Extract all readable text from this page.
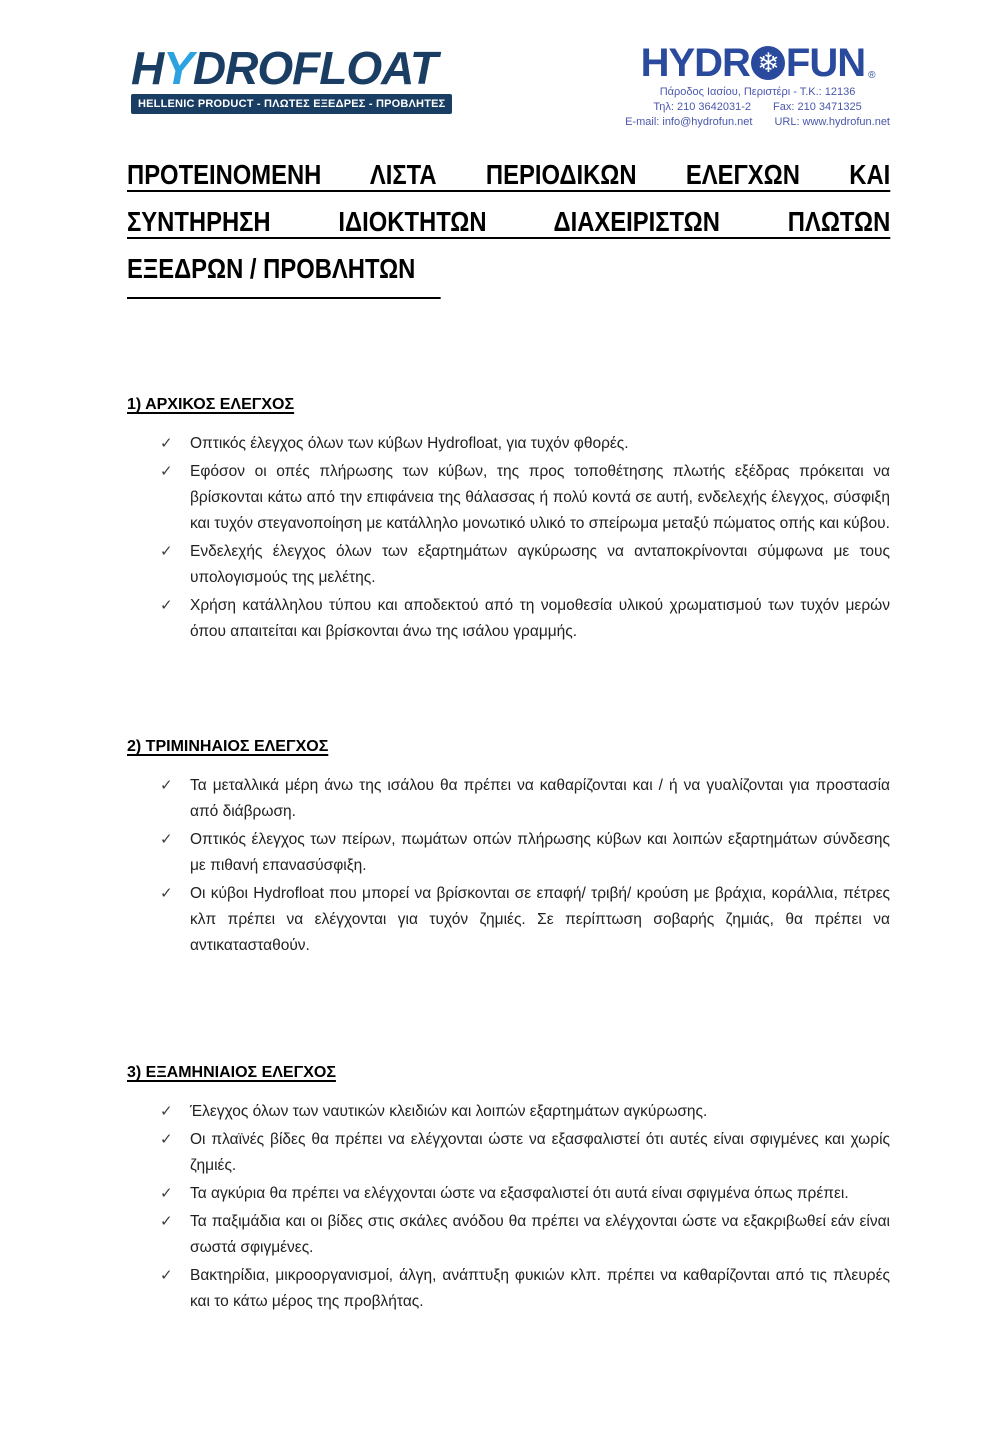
HYDROFLOAT
HELLENIC PRODUCT - ΠΛΩΤΕΣ ΕΞΕΔΡΕΣ - ΠΡΟΒΛΗΤΕΣ
HYDR ❄ FUN ®
Πάροδος Ιασίου, Περιστέρι - Τ.Κ.: 12136
Τηλ: 210 3642031-2 Fax: 210 3471325
E-mail: info@hydrofun.net URL: www.hydrofun.net
ΠΡΟΤΕΙΝΟΜΕΝΗ ΛΙΣΤΑ ΠΕΡΙΟΔΙΚΩΝ ΕΛΕΓΧΩΝ ΚΑΙ
ΣΥΝΤΗΡΗΣΗ ΙΔΙΟΚΤΗΤΩΝ ΔΙΑΧΕΙΡΙΣΤΩΝ ΠΛΩΤΩΝ
ΕΞΕΔΡΩΝ / ΠΡΟΒΛΗΤΩΝ
1) ΑΡΧΙΚΟΣ ΕΛΕΓΧΟΣ
✓	Οπτικός έλεγχος όλων των κύβων Hydrofloat, για τυχόν φθορές.
✓	Εφόσον οι οπές πλήρωσης των κύβων, της προς τοποθέτησης πλωτής εξέδρας πρόκειται να βρίσκονται κάτω από την επιφάνεια της θάλασσας ή πολύ κοντά σε αυτή, ενδελεχής έλεγχος, σύσφιξη και τυχόν στεγανοποίηση με κατάλληλο μονωτικό υλικό το σπείρωμα μεταξύ πώματος οπής και κύβου.
✓	Ενδελεχής έλεγχος όλων των εξαρτημάτων αγκύρωσης να ανταποκρίνονται σύμφωνα με τους υπολογισμούς της μελέτης.
✓	Χρήση κατάλληλου τύπου και αποδεκτού από τη νομοθεσία υλικού χρωματισμού των τυχόν μερών όπου απαιτείται και βρίσκονται άνω της ισάλου γραμμής.
2) ΤΡΙΜΙΝΗΑΙΟΣ ΕΛΕΓΧΟΣ
✓	Τα μεταλλικά μέρη άνω της ισάλου θα πρέπει να καθαρίζονται και / ή να γυαλίζονται για προστασία από διάβρωση.
✓	Οπτικός έλεγχος των πείρων, πωμάτων οπών πλήρωσης κύβων και λοιπών εξαρτημάτων σύνδεσης με πιθανή επανασύσφιξη.
✓	Οι κύβοι Hydrofloat που μπορεί να βρίσκονται σε επαφή/ τριβή/ κρούση με βράχια, κοράλλια, πέτρες κλπ πρέπει να ελέγχονται για τυχόν ζημιές. Σε περίπτωση σοβαρής ζημιάς, θα πρέπει να αντικατασταθούν.
3) ΕΞΑΜΗΝΙΑΙΟΣ ΕΛΕΓΧΟΣ
✓	Έλεγχος όλων των ναυτικών κλειδιών και λοιπών εξαρτημάτων αγκύρωσης.
✓	Οι πλαϊνές βίδες θα πρέπει να ελέγχονται ώστε να εξασφαλιστεί ότι αυτές είναι σφιγμένες και χωρίς ζημιές.
✓	Τα αγκύρια θα πρέπει να ελέγχονται ώστε να εξασφαλιστεί ότι αυτά είναι σφιγμένα όπως πρέπει.
✓	Τα παξιμάδια και οι βίδες στις σκάλες ανόδου θα πρέπει να ελέγχονται ώστε να εξακριβωθεί εάν είναι σωστά σφιγμένες.
✓	Βακτηρίδια, μικροοργανισμοί, άλγη, ανάπτυξη φυκιών κλπ. πρέπει να καθαρίζονται από τις πλευρές και το κάτω μέρος της προβλήτας.
